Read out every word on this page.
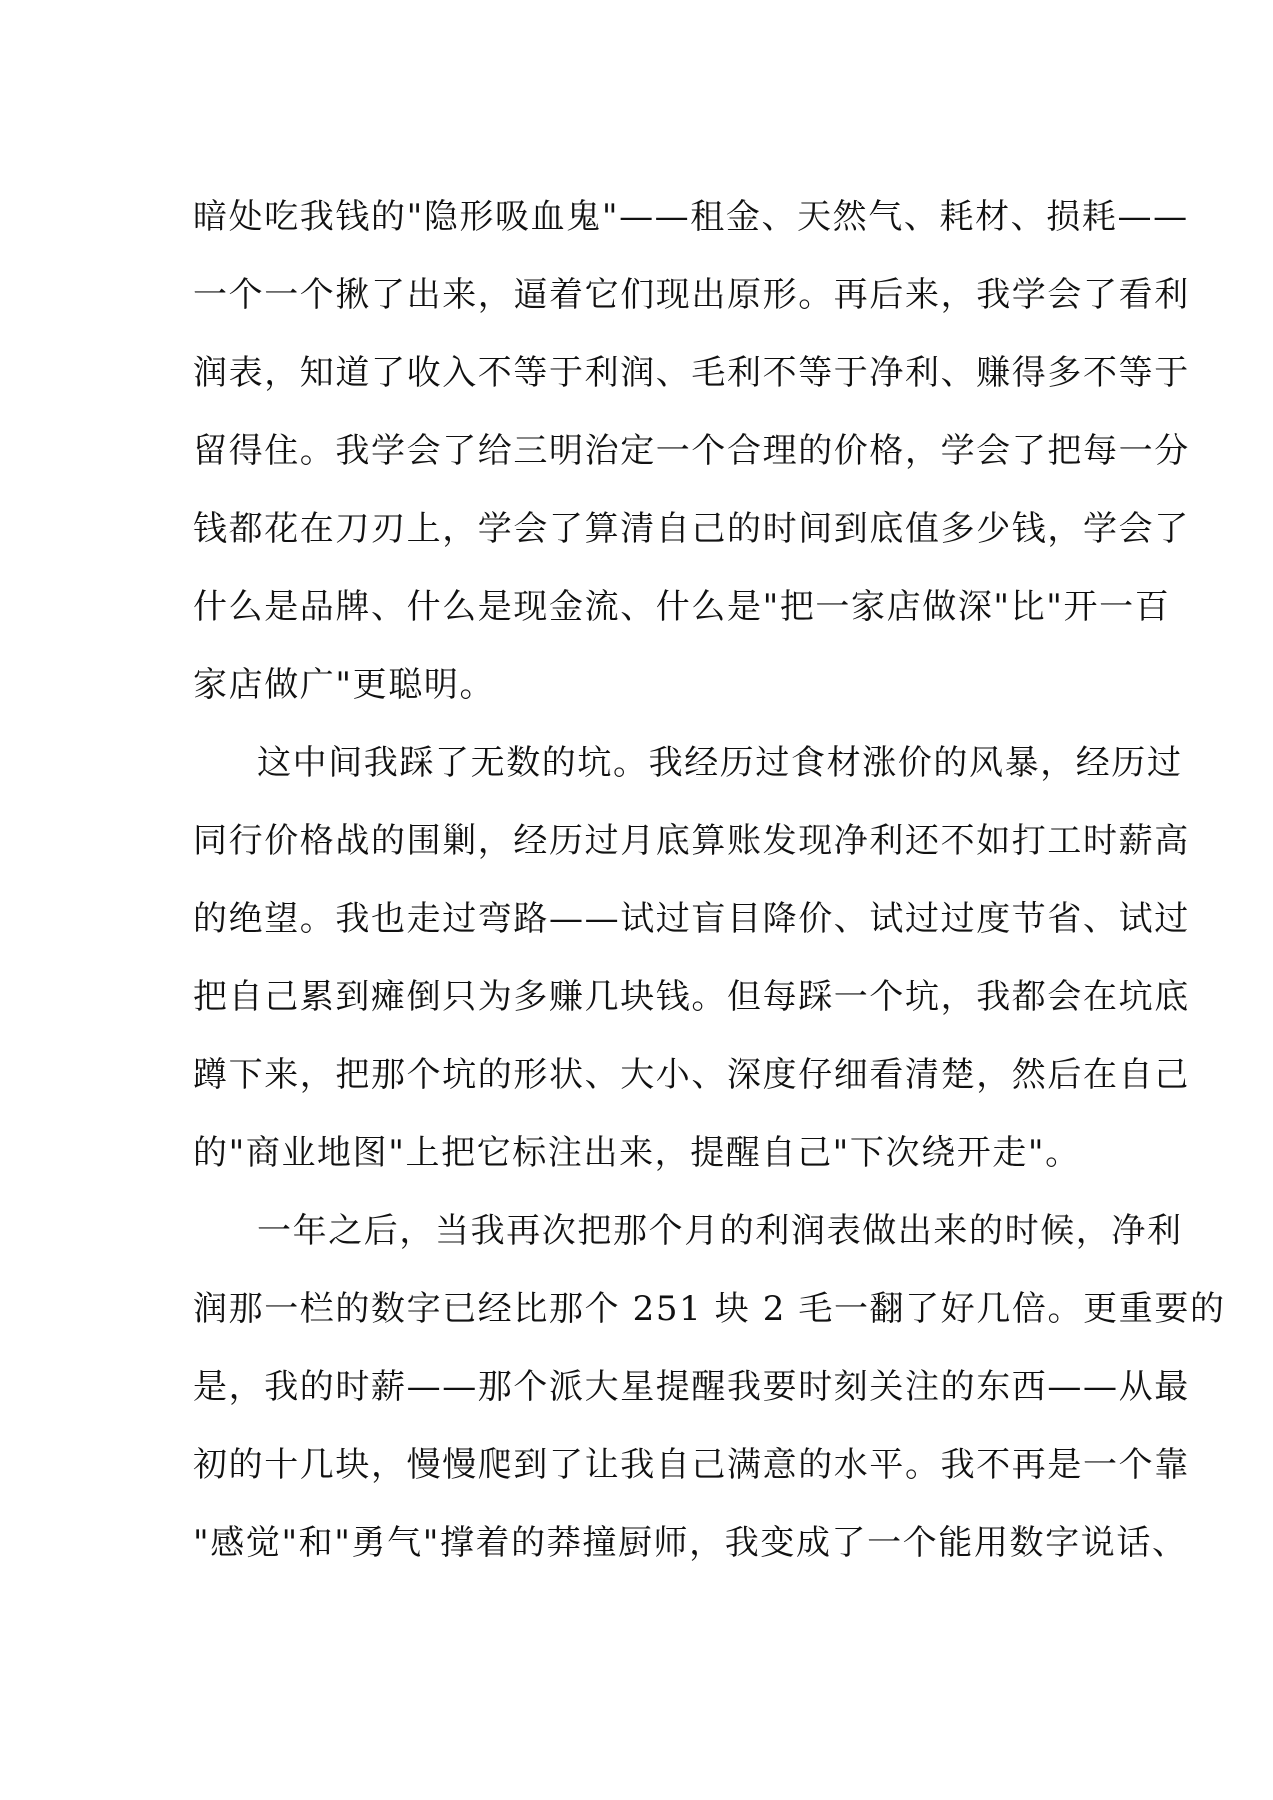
暗处吃我钱的"隐形吸血鬼"——租金、天然气、耗材、损耗——
一个一个揪了出来，逼着它们现出原形。再后来，我学会了看利
润表，知道了收入不等于利润、毛利不等于净利、赚得多不等于
留得住。我学会了给三明治定一个合理的价格，学会了把每一分
钱都花在刀刃上，学会了算清自己的时间到底值多少钱，学会了
什么是品牌、什么是现金流、什么是"把一家店做深"比"开一百
家店做广"更聪明。
这中间我踩了无数的坑。我经历过食材涨价的风暴，经历过
同行价格战的围剿，经历过月底算账发现净利还不如打工时薪高
的绝望。我也走过弯路——试过盲目降价、试过过度节省、试过
把自己累到瘫倒只为多赚几块钱。但每踩一个坑，我都会在坑底
蹲下来，把那个坑的形状、大小、深度仔细看清楚，然后在自己
的"商业地图"上把它标注出来，提醒自己"下次绕开走"。
一年之后，当我再次把那个月的利润表做出来的时候，净利
润那一栏的数字已经比那个 251 块 2 毛一翻了好几倍。更重要的
是，我的时薪——那个派大星提醒我要时刻关注的东西——从最
初的十几块，慢慢爬到了让我自己满意的水平。我不再是一个靠
"感觉"和"勇气"撑着的莽撞厨师，我变成了一个能用数字说话、
